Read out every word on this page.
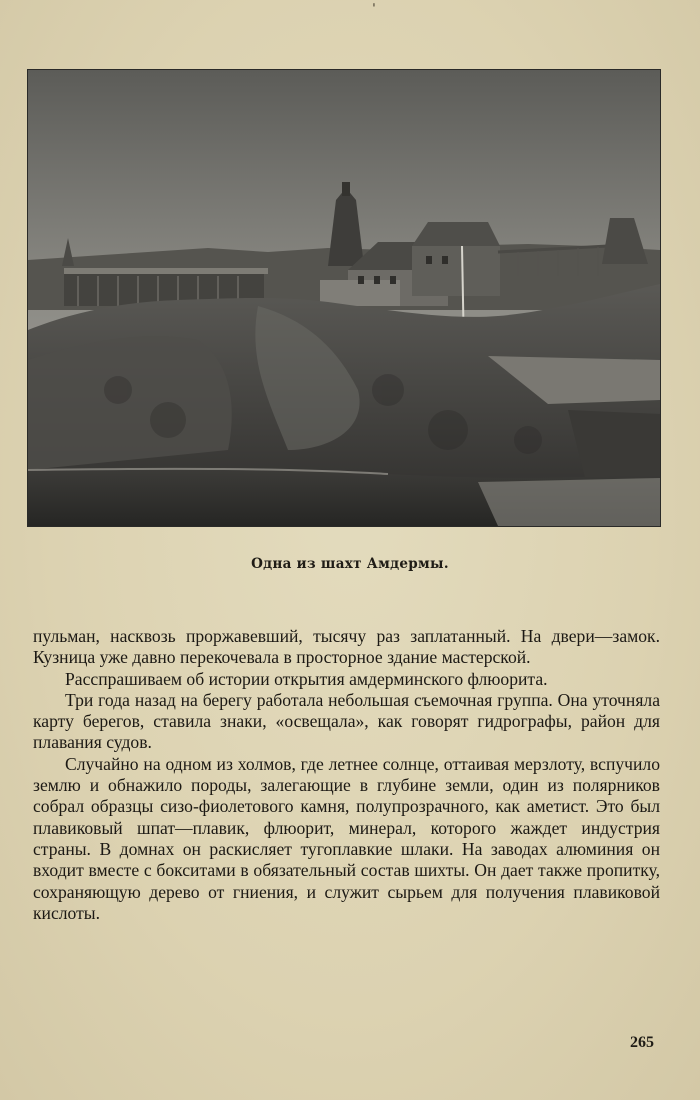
ˈ
Одна из шахт Амдермы.

пульман, насквозь проржавевший, тысячу раз заплатанный. На двери—замок. Кузница уже давно перекочевала в просторное здание мастерской.

Расспрашиваем об истории открытия амдерминского флюорита.

Три года назад на берегу работала небольшая съемочная группа. Она уточняла карту берегов, ставила знаки, «освещала», как говорят гидрографы, район для плавания судов.

Случайно на одном из холмов, где летнее солнце, оттаивая мерзлоту, вспучило землю и обнажило породы, залегающие в глубине земли, один из полярников собрал образцы сизо-фиолетового камня, полупрозрачного, как аметист. Это был плавиковый шпат—плавик, флюорит, минерал, которого жаждет индустрия страны. В домнах он раскисляет тугоплавкие шлаки. На заводах алюминия он входит вместе с бокситами в обязательный состав шихты. Он дает также пропитку, сохраняющую дерево от гниения, и служит сырьем для получения плавиковой кислоты.

265
